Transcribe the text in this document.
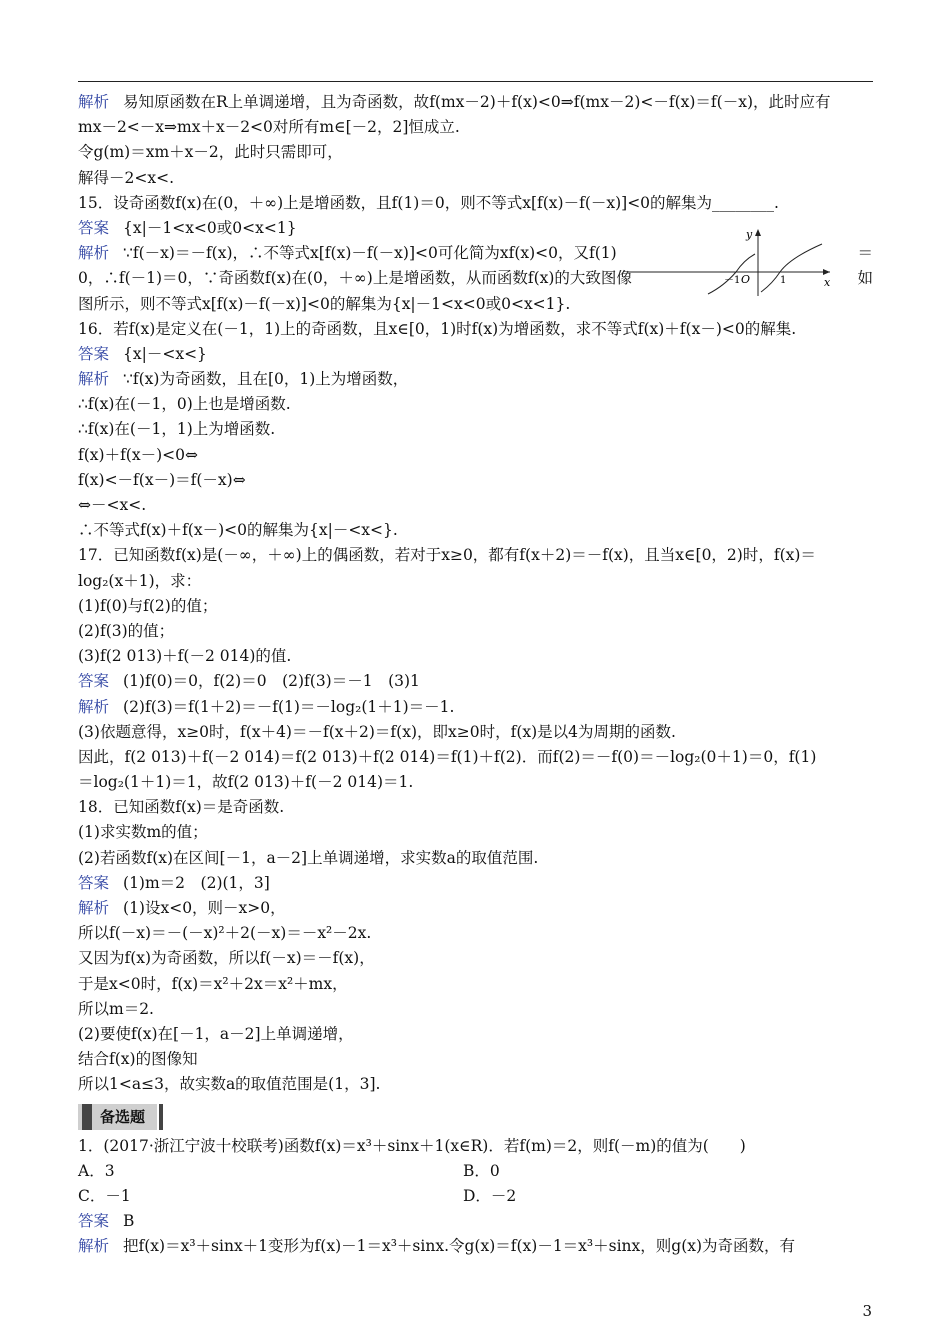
解析 易知原函数在R上单调递增，且为奇函数，故f(mx－2)＋f(x)<0⇒f(mx－2)<－f(x)＝f(－x)，此时应有
mx－2<－x⇒mx＋x－2<0对所有m∈[－2，2]恒成立.
令g(m)＝xm＋x－2，此时只需即可，
解得－2<x<.
15．设奇函数f(x)在(0，＋∞)上是增函数，且f(1)＝0，则不等式x[f(x)－f(－x)]<0的解集为________.
答案 {x|－1<x<0或0<x<1}
解析 ∵f(－x)＝－f(x)，∴不等式x[f(x)－f(－x)]<0可化简为xf(x)<0，又f(1)	＝
0，∴f(－1)＝0，∵奇函数f(x)在(0，＋∞)上是增函数，从而函数f(x)的大致图像	如
图所示，则不等式x[f(x)－f(－x)]<0的解集为{x|－1<x<0或0<x<1}.
16．若f(x)是定义在(－1，1)上的奇函数，且x∈[0，1)时f(x)为增函数，求不等式f(x)＋f(x－)<0的解集.
答案 {x|－<x<}
解析 ∵f(x)为奇函数，且在[0，1)上为增函数，
∴f(x)在(－1，0)上也是增函数.
∴f(x)在(－1，1)上为增函数.
f(x)＋f(x－)<0⇔
f(x)<－f(x－)＝f(－x)⇔
⇔－<x<.
∴不等式f(x)＋f(x－)<0的解集为{x|－<x<}.
17．已知函数f(x)是(－∞，＋∞)上的偶函数，若对于x≥0，都有f(x＋2)＝－f(x)，且当x∈[0，2)时，f(x)＝
log₂(x＋1)，求：
(1)f(0)与f(2)的值；
(2)f(3)的值；
(3)f(2 013)＋f(－2 014)的值.
答案 (1)f(0)＝0，f(2)＝0　(2)f(3)＝－1　(3)1
解析 (2)f(3)＝f(1＋2)＝－f(1)＝－log₂(1＋1)＝－1.
(3)依题意得，x≥0时，f(x＋4)＝－f(x＋2)＝f(x)，即x≥0时，f(x)是以4为周期的函数.
因此，f(2 013)＋f(－2 014)＝f(2 013)＋f(2 014)＝f(1)＋f(2)．而f(2)＝－f(0)＝－log₂(0＋1)＝0，f(1)
＝log₂(1＋1)＝1，故f(2 013)＋f(－2 014)＝1.
18．已知函数f(x)＝是奇函数.
(1)求实数m的值；
(2)若函数f(x)在区间[－1，a－2]上单调递增，求实数a的取值范围.
答案 (1)m＝2　(2)(1，3]
解析 (1)设x<0，则－x>0，
所以f(－x)＝－(－x)²＋2(－x)＝－x²－2x.
又因为f(x)为奇函数，所以f(－x)＝－f(x)，
于是x<0时，f(x)＝x²＋2x＝x²＋mx，
所以m＝2.
(2)要使f(x)在[－1，a－2]上单调递增，
结合f(x)的图像知
所以1<a≤3，故实数a的取值范围是(1，3].
备选题
1．(2017·浙江宁波十校联考)函数f(x)＝x³＋sinx＋1(x∈R)．若f(m)＝2，则f(－m)的值为(　　)
A．3	B．0
C．－1	D．－2
答案 B
解析 把f(x)＝x³＋sinx＋1变形为f(x)－1＝x³＋sinx.令g(x)＝f(x)－1＝x³＋sinx，则g(x)为奇函数，有
y
x
O
－1	1
3
